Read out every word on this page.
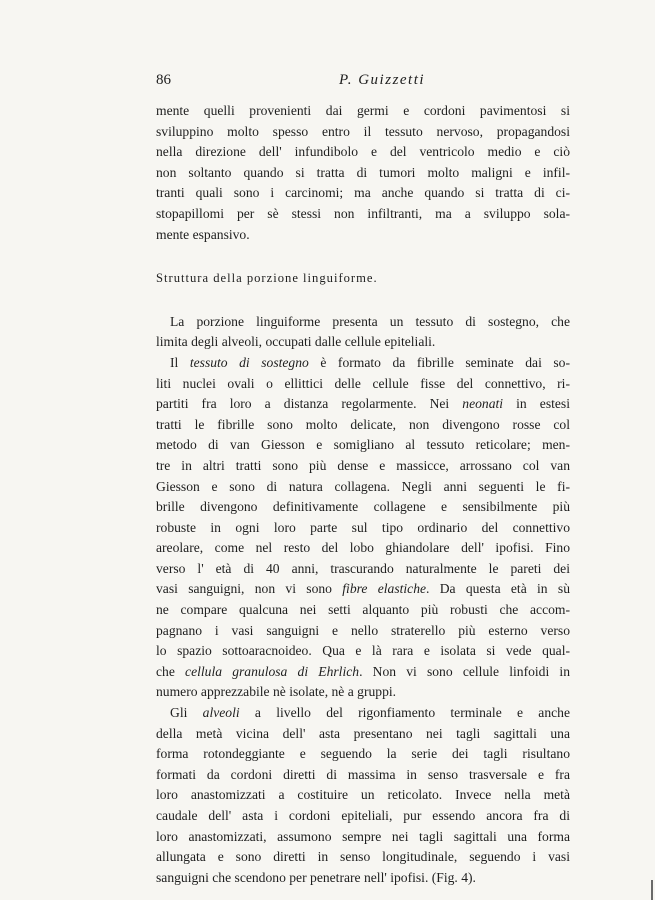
86	P. Guizzetti
mente quelli provenienti dai germi e cordoni pavimentosi si
sviluppino molto spesso entro il tessuto nervoso, propagandosi
nella direzione dell' infundibolo e del ventricolo medio e ciò
non soltanto quando si tratta di tumori molto maligni e infil-
tranti quali sono i carcinomi; ma anche quando si tratta di ci-
stopapillomi per sè stessi non infiltranti, ma a sviluppo sola-
mente espansivo.
Struttura della porzione linguiforme.
La porzione linguiforme presenta un tessuto di sostegno, che
limita degli alveoli, occupati dalle cellule epiteliali.
Il tessuto di sostegno è formato da fibrille seminate dai so-
liti nuclei ovali o ellittici delle cellule fisse del connettivo, ri-
partiti fra loro a distanza regolarmente. Nei neonati in estesi
tratti le fibrille sono molto delicate, non divengono rosse col
metodo di van Giesson e somigliano al tessuto reticolare; men-
tre in altri tratti sono più dense e massicce, arrossano col van
Giesson e sono di natura collagena. Negli anni seguenti le fi-
brille divengono definitivamente collagene e sensibilmente più
robuste in ogni loro parte sul tipo ordinario del connettivo
areolare, come nel resto del lobo ghiandolare dell' ipofisi. Fino
verso l' età di 40 anni, trascurando naturalmente le pareti dei
vasi sanguigni, non vi sono fibre elastiche. Da questa età in sù
ne compare qualcuna nei setti alquanto più robusti che accom-
pagnano i vasi sanguigni e nello straterello più esterno verso
lo spazio sottoaracnoideo. Qua e là rara e isolata si vede qual-
che cellula granulosa di Ehrlich. Non vi sono cellule linfoidi in
numero apprezzabile nè isolate, nè a gruppi.
Gli alveoli a livello del rigonfiamento terminale e anche
della metà vicina dell' asta presentano nei tagli sagittali una
forma rotondeggiante e seguendo la serie dei tagli risultano
formati da cordoni diretti di massima in senso trasversale e fra
loro anastomizzati a costituire un reticolato. Invece nella metà
caudale dell' asta i cordoni epiteliali, pur essendo ancora fra di
loro anastomizzati, assumono sempre nei tagli sagittali una forma
allungata e sono diretti in senso longitudinale, seguendo i vasi
sanguigni che scendono per penetrare nell' ipofisi. (Fig. 4).
